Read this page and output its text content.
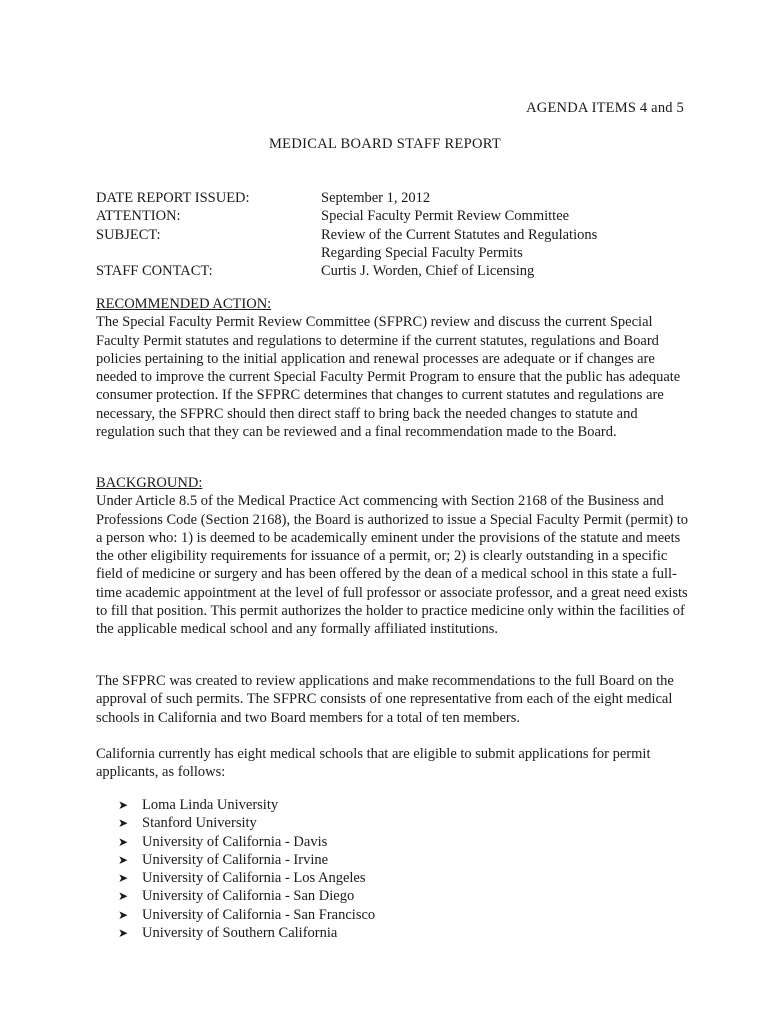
AGENDA ITEMS 4 and 5
MEDICAL BOARD STAFF REPORT
DATE REPORT ISSUED:	September 1, 2012
ATTENTION:	Special Faculty Permit Review Committee
SUBJECT:	Review of the Current Statutes and Regulations
Regarding Special Faculty Permits
STAFF CONTACT:	Curtis J. Worden, Chief of Licensing
RECOMMENDED ACTION:

The Special Faculty Permit Review Committee (SFPRC) review and discuss the current Special Faculty Permit statutes and regulations to determine if the current statutes, regulations and Board policies pertaining to the initial application and renewal processes are adequate or if changes are needed to improve the current Special Faculty Permit Program to ensure that the public has adequate consumer protection. If the SFPRC determines that changes to current statutes and regulations are necessary, the SFPRC should then direct staff to bring back the needed changes to statute and regulation such that they can be reviewed and a final recommendation made to the Board.

BACKGROUND:

Under Article 8.5 of the Medical Practice Act commencing with Section 2168 of the Business and Professions Code (Section 2168), the Board is authorized to issue a Special Faculty Permit (permit) to a person who: 1) is deemed to be academically eminent under the provisions of the statute and meets the other eligibility requirements for issuance of a permit, or; 2) is clearly outstanding in a specific field of medicine or surgery and has been offered by the dean of a medical school in this state a full-time academic appointment at the level of full professor or associate professor, and a great need exists to fill that position. This permit authorizes the holder to practice medicine only within the facilities of the applicable medical school and any formally affiliated institutions.

The SFPRC was created to review applications and make recommendations to the full Board on the approval of such permits. The SFPRC consists of one representative from each of the eight medical schools in California and two Board members for a total of ten members.

California currently has eight medical schools that are eligible to submit applications for permit applicants, as follows:

➤ Loma Linda University
➤ Stanford University
➤ University of California - Davis
➤ University of California - Irvine
➤ University of California - Los Angeles
➤ University of California - San Diego
➤ University of California - San Francisco
➤ University of Southern California
